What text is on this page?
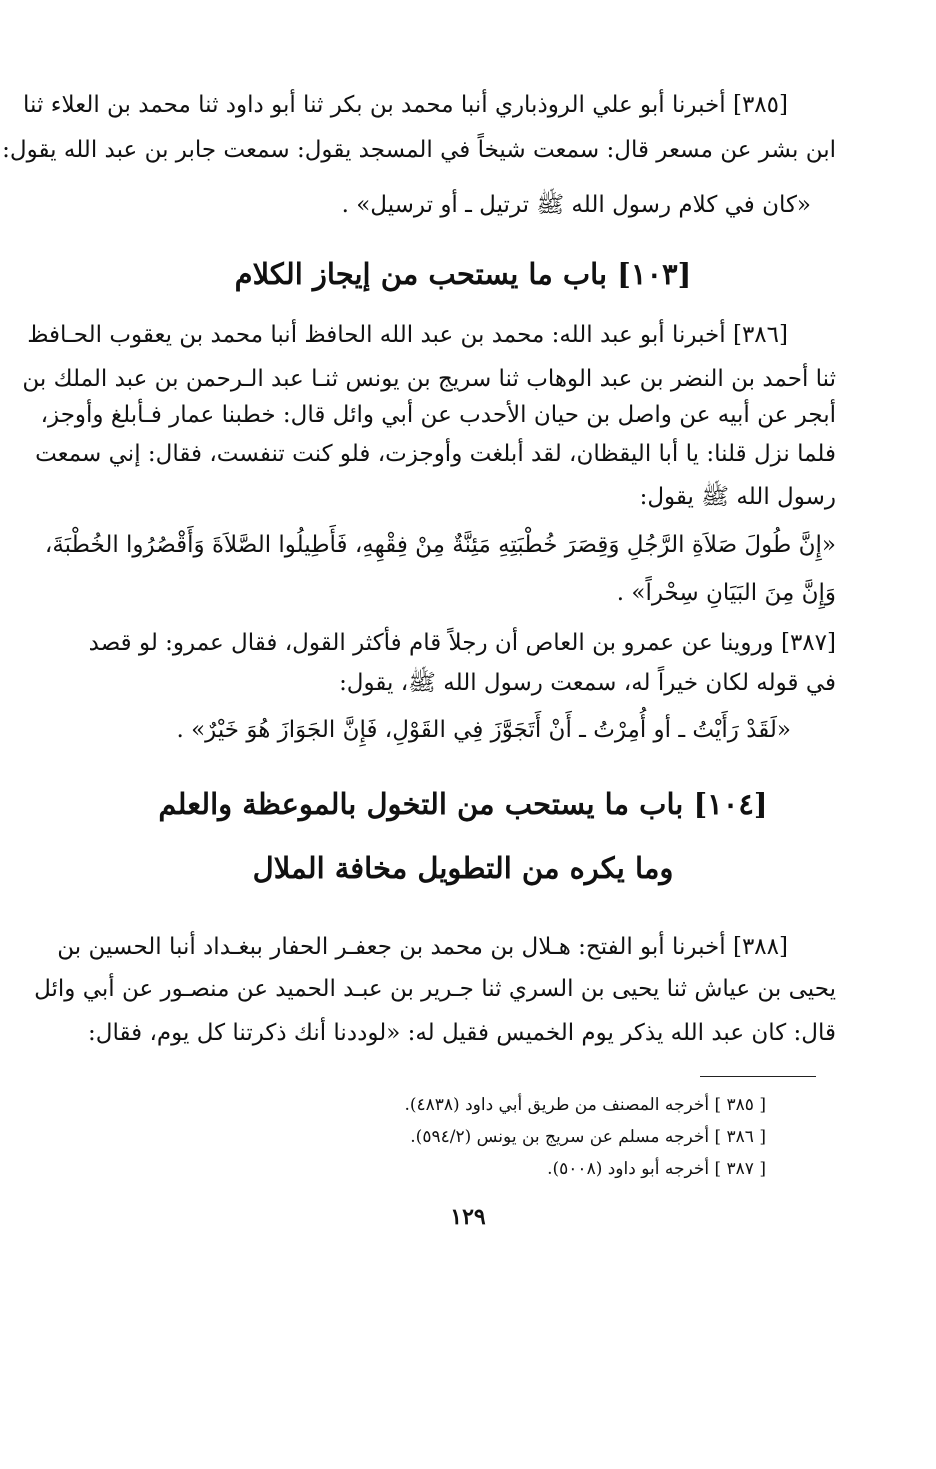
[٣٨٥] أخبرنا أبو علي الروذباري أنبا محمد بن بكر ثنا أبو داود ثنا محمد بن العلاء ثنا
ابن بشر عن مسعر قال: سمعت شيخاً في المسجد يقول: سمعت جابر بن عبد الله يقول:
«كان في كلام رسول الله ﷺ ترتيل ـ أو ترسيل» .
[١٠٣] باب ما يستحب من إيجاز الكلام
[٣٨٦] أخبرنا أبو عبد الله: محمد بن عبد الله الحافظ أنبا محمد بن يعقوب الحـافظ
ثنا أحمد بن النضر بن عبد الوهاب ثنا سريج بن يونس ثنـا عبد الـرحمن بن عبد الملك بن
أبجر عن أبيه عن واصل بن حيان الأحدب عن أبي وائل قال: خطبنا عمار فـأبلغ وأوجز،
فلما نزل قلنا: يا أبا اليقظان، لقد أبلغت وأوجزت، فلو كنت تنفست، فقال: إني سمعت
رسول الله ﷺ يقول:
«إِنَّ طُولَ صَلاَةِ الرَّجُلِ وَقِصَرَ خُطْبَتِهِ مَئِنَّةٌ مِنْ فِقْهِهِ، فَأَطِيلُوا الصَّلاَةَ وَأَقْصُرُوا الخُطْبَةَ،
وَإِنَّ مِنَ البَيَانِ سِحْراً» .
[٣٨٧] وروينا عن عمرو بن العاص أن رجلاً قام فأكثر القول، فقال عمرو: لو قصد
في قوله لكان خيراً له، سمعت رسول الله ﷺ، يقول:
«لَقَدْ رَأَيْتُ ـ أو أُمِرْتُ ـ أَنْ أَتَجَوَّزَ فِي القَوْلِ، فَإِنَّ الجَوَازَ هُوَ خَيْرٌ» .
[١٠٤] باب ما يستحب من التخول بالموعظة والعلم
وما يكره من التطويل مخافة الملال
[٣٨٨] أخبرنا أبو الفتح: هـلال بن محمد بن جعفـر الحفار ببغـداد أنبا الحسين بن
يحيى بن عياش ثنا يحيى بن السري ثنا جـرير بن عبـد الحميد عن منصـور عن أبي وائل
قال: كان عبد الله يذكر يوم الخميس فقيل له: «لوددنا أنك ذكرتنا كل يوم، فقال:
[ ٣٨٥ ] أخرجه المصنف من طريق أبي داود (٤٨٣٨).
[ ٣٨٦ ] أخرجه مسلم عن سريج بن يونس (٥٩٤/٢).
[ ٣٨٧ ] أخرجه أبو داود (٥٠٠٨).
١٢٩
